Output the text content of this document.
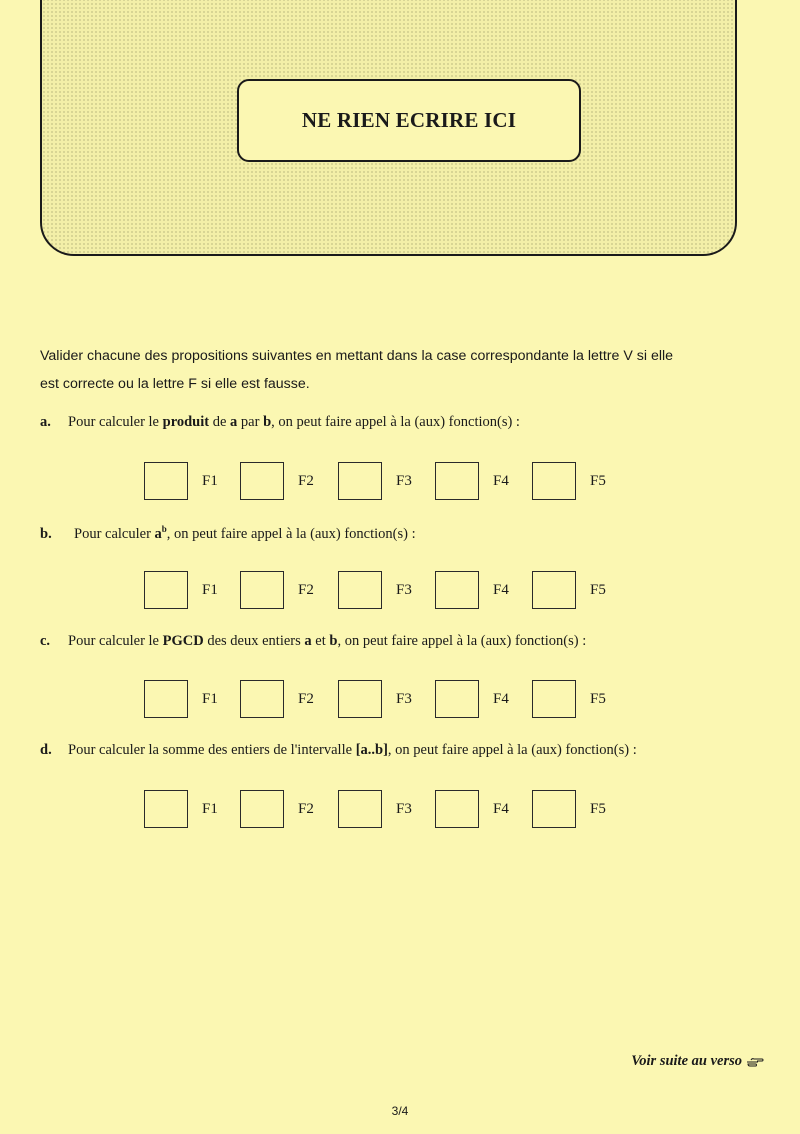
NE RIEN ECRIRE ICI
Valider chacune des propositions suivantes en mettant dans la case correspondante la lettre V si elle
est correcte ou la lettre F si elle est fausse.
a. Pour calculer le produit de a par b, on peut faire appel à la (aux) fonction(s) :
F1	F2	F3	F4	F5
b. Pour calculer $a^b$, on peut faire appel à la (aux) fonction(s) :
F1	F2	F3	F4	F5
c. Pour calculer le PGCD des deux entiers a et b, on peut faire appel à la (aux) fonction(s) :
F1	F2	F3	F4	F5
d. Pour calculer la somme des entiers de l'intervalle [a..b], on peut faire appel à la (aux) fonction(s) :
F1	F2	F3	F4	F5
Voir suite au verso
3/4
